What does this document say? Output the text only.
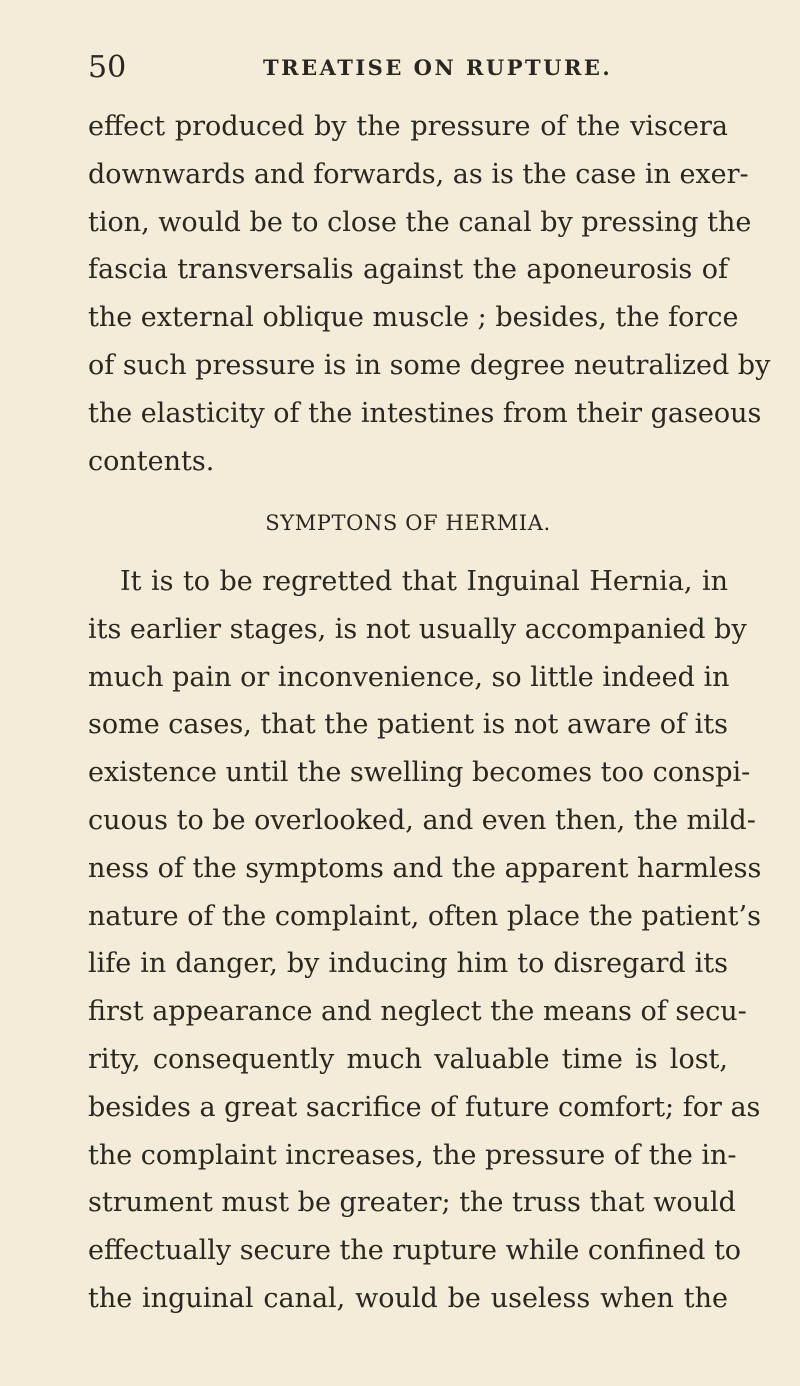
50	TREATISE ON RUPTURE.
effect produced by the pressure of the viscera
downwards and forwards, as is the case in exer-
tion, would be to close the canal by pressing the
fascia transversalis against the aponeurosis of
the external oblique muscle ; besides, the force
of such pressure is in some degree neutralized by
the elasticity of the intestines from their gaseous
contents.
SYMPTONS OF HERMIA.
It is to be regretted that Inguinal Hernia, in
its earlier stages, is not usually accompanied by
much pain or inconvenience, so little indeed in
some cases, that the patient is not aware of its
existence until the swelling becomes too conspi-
cuous to be overlooked, and even then, the mild-
ness of the symptoms and the apparent harmless
nature of the complaint, often place the patient’s
life in danger, by inducing him to disregard its
first appearance and neglect the means of secu-
rity, consequently much valuable time is lost,
besides a great sacrifice of future comfort; for as
the complaint increases, the pressure of the in-
strument must be greater; the truss that would
effectually secure the rupture while confined to
the inguinal canal, would be useless when the
